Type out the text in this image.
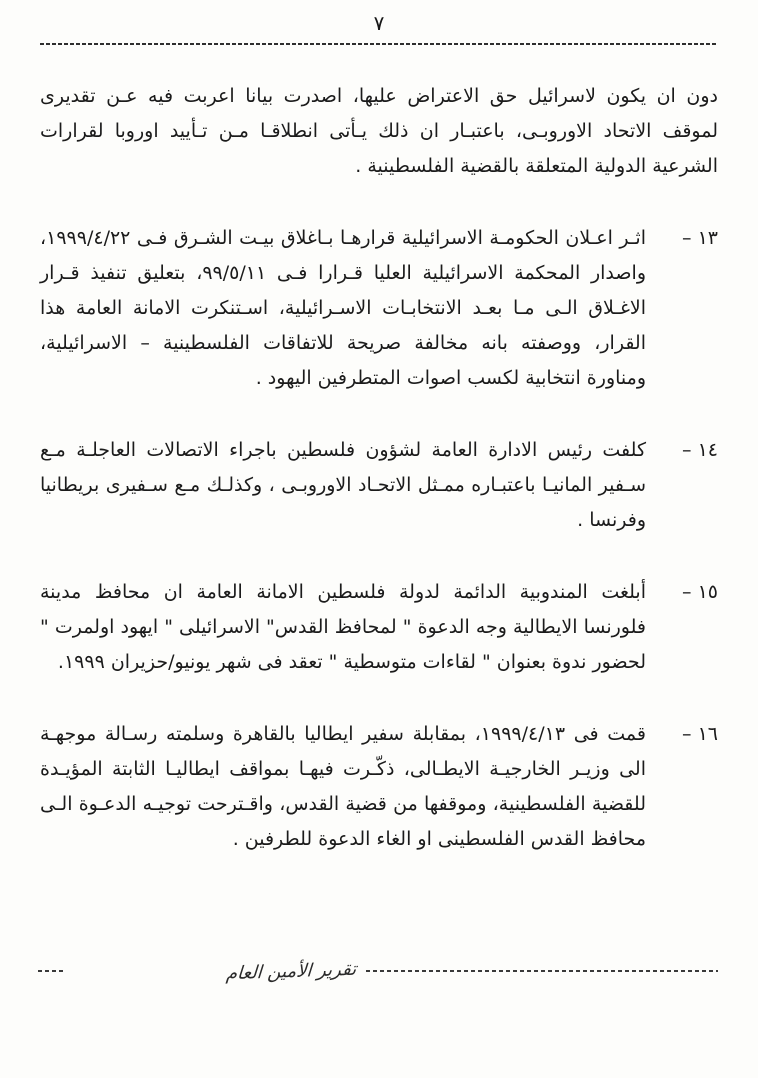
٧

دون ان يكون لاسرائيل حق الاعتراض عليها، اصدرت بيانا اعربت فيه عـن تقديرى لموقف الاتحاد الاوروبـى، باعتبـار ان ذلك يـأتى انطلاقـا مـن تـأييد اوروبا لقرارات الشرعية الدولية المتعلقة بالقضية الفلسطينية .

١٣ –

اثـر اعـلان الحكومـة الاسرائيلية قرارهـا بـاغلاق بيـت الشـرق فـى ١٩٩٩/٤/٢٢، واصدار المحكمة الاسرائيلية العليا قـرارا فـى ٩٩/٥/١١، بتعليق تنفيذ قـرار الاغـلاق الـى مـا بعـد الانتخابـات الاسـرائيلية، اسـتنكرت الامانة العامة هذا القرار، ووصفته بانه مخالفة صريحة للاتفاقات الفلسطينية – الاسرائيلية، ومناورة انتخابية لكسب اصوات المتطرفين اليهود .

١٤ –

كلفت رئيس الادارة العامة لشؤون فلسطين باجراء الاتصالات العاجلـة مـع سـفير المانيـا باعتبـاره ممـثل الاتحـاد الاوروبـى ، وكذلـك مـع سـفيرى بريطانيا وفرنسا .

١٥ –

أبلغت المندوبية الدائمة لدولة فلسطين الامانة العامة ان محافظ مدينة فلورنسا الايطالية وجه الدعوة " لمحافظ القدس" الاسرائيلى " ايهود اولمرت " لحضور ندوة بعنوان " لقاءات متوسطية " تعقد فى شهر يونيو/حزيران ١٩٩٩.

١٦ –

قمت فى ١٩٩٩/٤/١٣، بمقابلة سفير ايطاليا بالقاهرة وسلمته رسـالة موجهـة الى وزيـر الخارجيـة الايطـالى، ذكّـرت فيهـا بمواقف ايطاليـا الثابتة المؤيـدة للقضية الفلسطينية، وموقفها من قضية القدس، واقـترحت توجيـه الدعـوة الـى محافظ القدس الفلسطينى او الغاء الدعوة للطرفين .

تقرير الأمين العام
